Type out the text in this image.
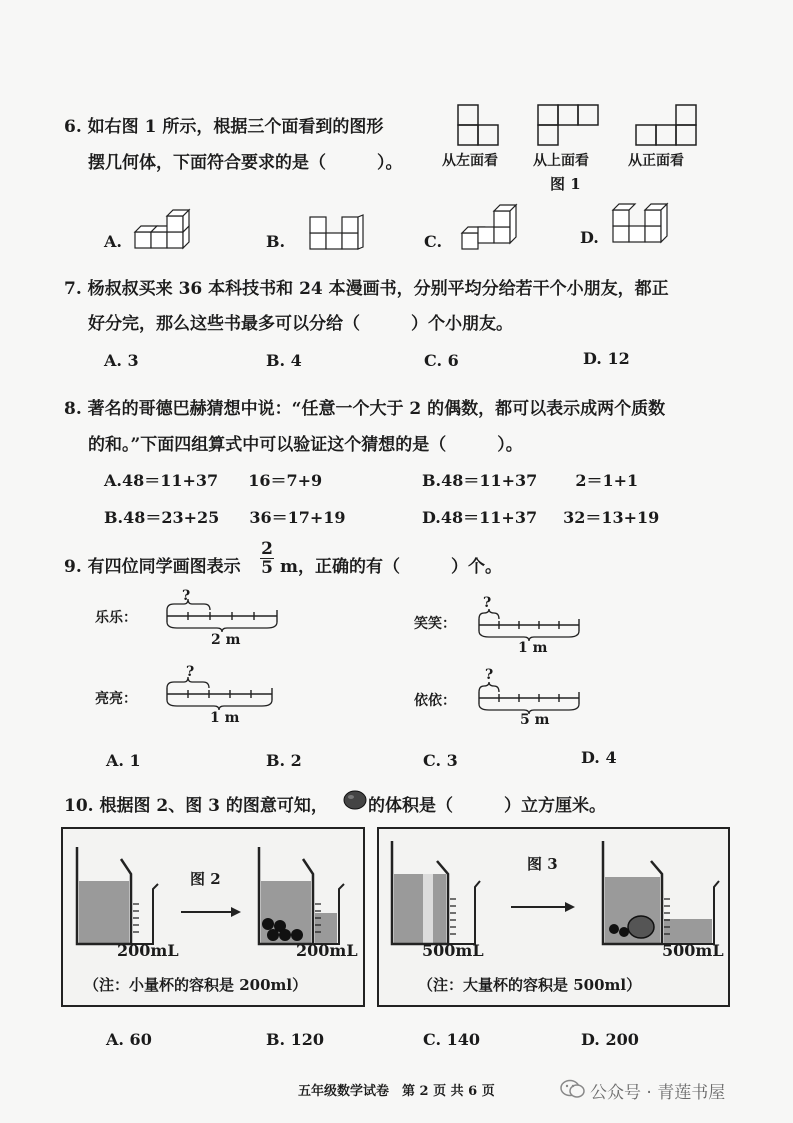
6. 如右图 1 所示，根据三个面看到的图形
摆几何体，下面符合要求的是（　　　）。	从左面看	从上面看	从正面看
图 1
A.	B.	C.	D.
7. 杨叔叔买来 36 本科技书和 24 本漫画书，分别平均分给若干个小朋友，都正
好分完，那么这些书最多可以分给（　　　）个小朋友。
A. 3	B. 4	C. 6	D. 12
8. 著名的哥德巴赫猜想中说：“任意一个大于 2 的偶数，都可以表示成两个质数
的和。”下面四组算式中可以验证这个猜想的是（　　　）。
A.48＝11+37 16＝7+9	B.48＝11+37 2＝1+1
B.48＝23+25 36＝17+19	D.48＝11+37 32＝13+19
9. 有四位同学画图表示
2
5 m，正确的有（　　　）个。
乐乐：
?
2 m
笑笑：
?
1 m
亮亮：
?
1 m
依依：
?
5 m
A. 1	B. 2	C. 3	D. 4
10. 根据图 2、图 3 的图意可知， 的体积是（　　　）立方厘米。
图 2
200mL	200mL
（注：小量杯的容积是 200ml）
图 3
500mL	500mL
（注：大量杯的容积是 500ml）
A. 60	B. 120	C. 140	D. 200
五年级数学试卷　第 2 页 共 6 页	公众号 · 青莲书屋
